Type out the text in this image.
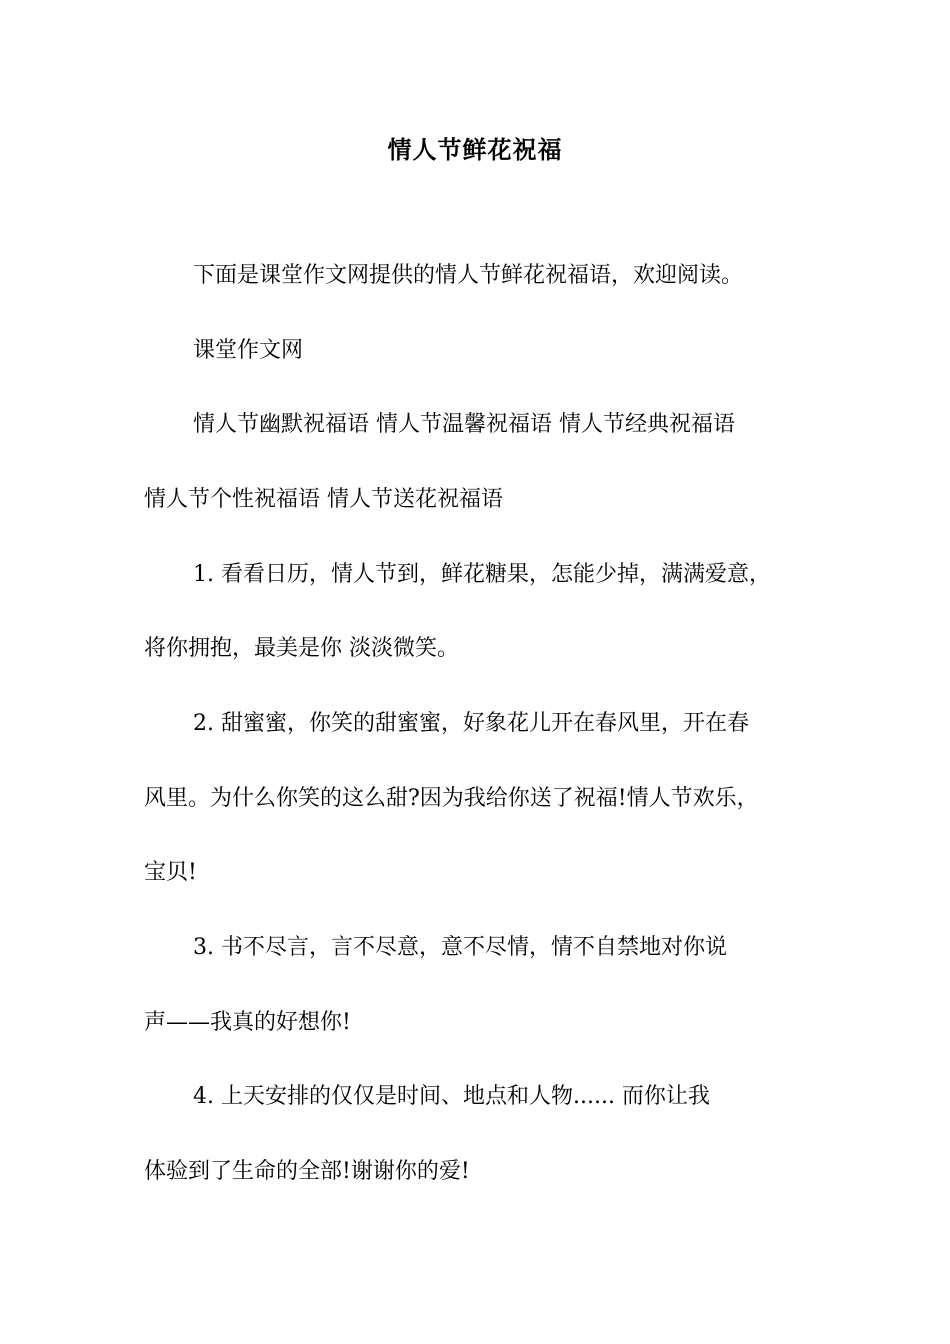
情人节鲜花祝福
下面是课堂作文网提供的情人节鲜花祝福语，欢迎阅读。
课堂作文网
情人节幽默祝福语 情人节温馨祝福语 情人节经典祝福语
情人节个性祝福语 情人节送花祝福语
1. 看看日历，情人节到，鲜花糖果，怎能少掉，满满爱意，
将你拥抱，最美是你 淡淡微笑。
2. 甜蜜蜜，你笑的甜蜜蜜，好象花儿开在春风里，开在春
风里。为什么你笑的这么甜?因为我给你送了祝福!情人节欢乐，
宝贝!
3. 书不尽言，言不尽意，意不尽情，情不自禁地对你说
声——我真的好想你!
4. 上天安排的仅仅是时间、地点和人物...... 而你让我
体验到了生命的全部!谢谢你的爱!
